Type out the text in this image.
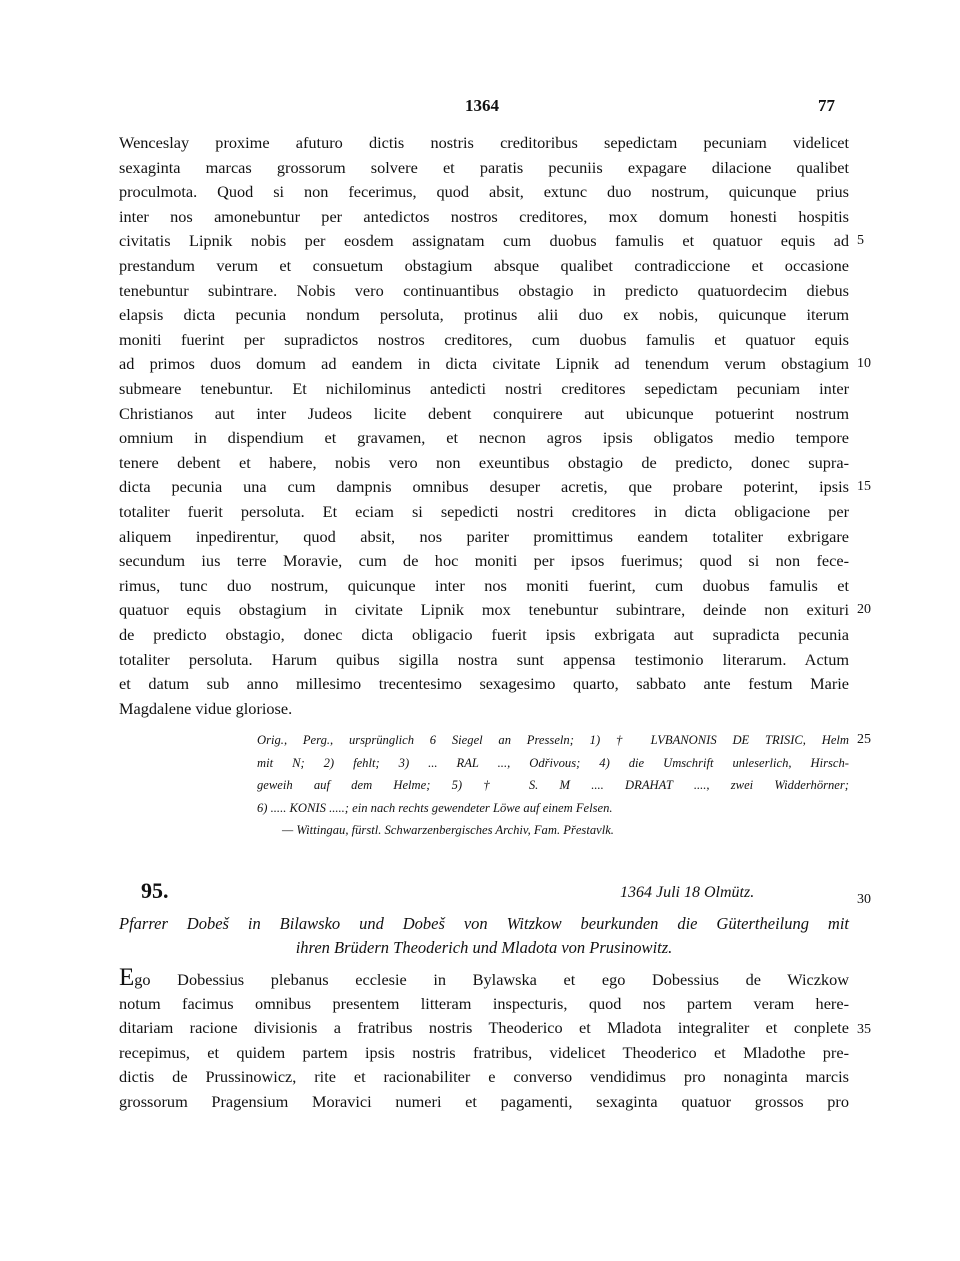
1364	77
Wenceslay proxime afuturo dictis nostris creditoribus sepedictam pecuniam videlicet
sexaginta marcas grossorum solvere et paratis pecuniis expagare dilacione qualibet
proculmota. Quod si non fecerimus, quod absit, extunc duo nostrum, quicunque prius
inter nos amonebuntur per antedictos nostros creditores, mox domum honesti hospitis
civitatis Lipnik nobis per eosdem assignatam cum duobus famulis et quatuor equis ad 5
prestandum verum et consuetum obstagium absque qualibet contradiccione et occasione
tenebuntur subintrare. Nobis vero continuantibus obstagio in predicto quatuordecim diebus
elapsis dicta pecunia nondum persoluta, protinus alii duo ex nobis, quicunque iterum
moniti fuerint per supradictos nostros creditores, cum duobus famulis et quatuor equis
ad primos duos domum ad eandem in dicta civitate Lipnik ad tenendum verum obstagium 10
submeare tenebuntur. Et nichilominus antedicti nostri creditores sepedictam pecuniam inter
Christianos aut inter Judeos licite debent conquirere aut ubicunque potuerint nostrum
omnium in dispendium et gravamen, et necnon agros ipsis obligatos medio tempore
tenere debent et habere, nobis vero non exeuntibus obstagio de predicto, donec supra-
dicta pecunia una cum dampnis omnibus desuper acretis, que probare poterint, ipsis 15
totaliter fuerit persoluta. Et eciam si sepedicti nostri creditores in dicta obligacione per
aliquem inpedirentur, quod absit, nos pariter promittimus eandem totaliter exbrigare
secundum ius terre Moravie, cum de hoc moniti per ipsos fuerimus; quod si non fece-
rimus, tunc duo nostrum, quicunque inter nos moniti fuerint, cum duobus famulis et
quatuor equis obstagium in civitate Lipnik mox tenebuntur subintrare, deinde non exituri 20
de predicto obstagio, donec dicta obligacio fuerit ipsis exbrigata aut supradicta pecunia
totaliter persoluta. Harum quibus sigilla nostra sunt appensa testimonio literarum. Actum
et datum sub anno millesimo trecentesimo sexagesimo quarto, sabbato ante festum Marie
Magdalene vidue gloriose.
Orig., Perg., ursprünglich 6 Siegel an Presseln; 1) † LVBANONIS DE TRISIC, Helm 25
mit N; 2) fehlt; 3) ... RAL ..., Odřivous; 4) die Umschrift unleserlich, Hirsch-
geweih auf dem Helme; 5) † S. M .... DRAHAT ...., zwei Widderhörner;
6) ..... KONIS .....; ein nach rechts gewendeter Löwe auf einem Felsen.
— Wittingau, fürstl. Schwarzenbergisches Archiv, Fam. Přestavlk.
95.	1364 Juli 18 Olmütz.	30
Pfarrer Dobeš in Bilawsko und Dobeš von Witzkow beurkunden die Gütertheilung mit
ihren Brüdern Theoderich und Mladota von Prusinowitz.
Ego Dobessius plebanus ecclesie in Bylawska et ego Dobessius de Wiczkow
notum facimus omnibus presentem litteram inspecturis, quod nos partem veram here-
ditariam racione divisionis a fratribus nostris Theoderico et Mladota integraliter et conplete 35
recepimus, et quidem partem ipsis nostris fratribus, videlicet Theoderico et Mladothe pre-
dictis de Prussinowicz, rite et racionabiliter e converso vendidimus pro nonaginta marcis
grossorum Pragensium Moravici numeri et pagamenti, sexaginta quatuor grossos pro
